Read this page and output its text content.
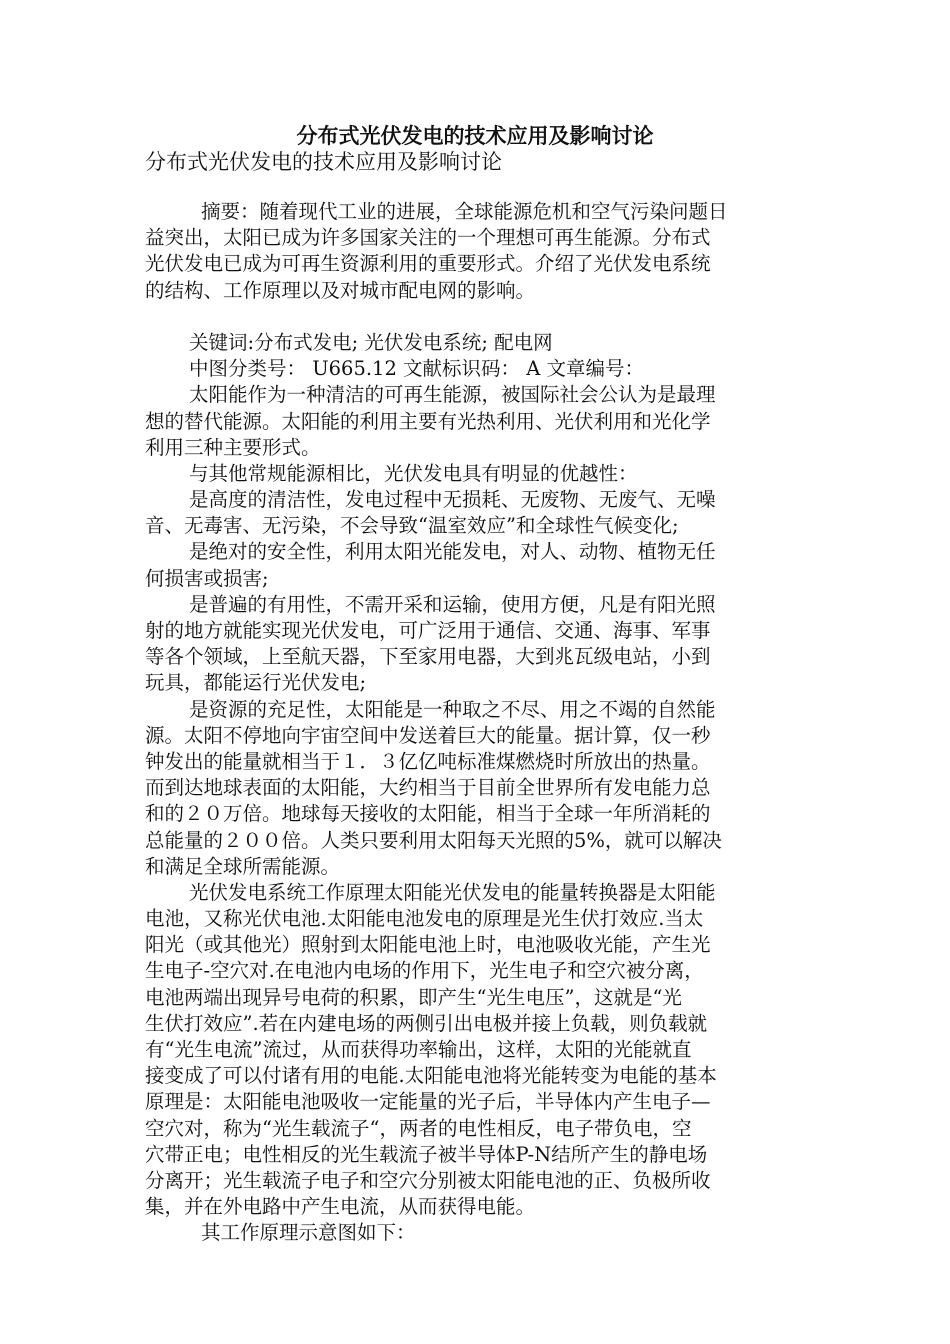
分布式光伏发电的技术应用及影响讨论
分布式光伏发电的技术应用及影响讨论
摘要：随着现代工业的进展，全球能源危机和空气污染问题日
益突出，太阳已成为许多国家关注的一个理想可再生能源。分布式
光伏发电已成为可再生资源利用的重要形式。介绍了光伏发电系统
的结构、工作原理以及对城市配电网的影响。
关键词:分布式发电; 光伏发电系统; 配电网
中图分类号： U665.12 文献标识码： A 文章编号：
太阳能作为一种清洁的可再生能源，被国际社会公认为是最理
想的替代能源。太阳能的利用主要有光热利用、光伏利用和光化学
利用三种主要形式。
与其他常规能源相比，光伏发电具有明显的优越性：
是高度的清洁性，发电过程中无损耗、无废物、无废气、无噪
音、无毒害、无污染，不会导致“温室效应”和全球性气候变化;
是绝对的安全性，利用太阳光能发电，对人、动物、植物无任
何损害或损害;
是普遍的有用性，不需开采和运输，使用方便，凡是有阳光照
射的地方就能实现光伏发电，可广泛用于通信、交通、海事、军事
等各个领域，上至航天器，下至家用电器，大到兆瓦级电站，小到
玩具，都能运行光伏发电;
是资源的充足性，太阳能是一种取之不尽、用之不竭的自然能
源。太阳不停地向宇宙空间中发送着巨大的能量。据计算，仅一秒
钟发出的能量就相当于１．３亿亿吨标准煤燃烧时所放出的热量。
而到达地球表面的太阳能，大约相当于目前全世界所有发电能力总
和的２０万倍。地球每天接收的太阳能，相当于全球一年所消耗的
总能量的２００倍。人类只要利用太阳每天光照的5%，就可以解决
和满足全球所需能源。
光伏发电系统工作原理太阳能光伏发电的能量转换器是太阳能
电池，又称光伏电池.太阳能电池发电的原理是光生伏打效应.当太
阳光（或其他光）照射到太阳能电池上时，电池吸收光能，产生光
生电子-空穴对.在电池内电场的作用下，光生电子和空穴被分离，
电池两端出现异号电荷的积累，即产生“光生电压”，这就是“光
生伏打效应”.若在内建电场的两侧引出电极并接上负载，则负载就
有“光生电流”流过，从而获得功率输出，这样，太阳的光能就直
接变成了可以付诸有用的电能.太阳能电池将光能转变为电能的基本
原理是：太阳能电池吸收一定能量的光子后，半导体内产生电子—
空穴对，称为“光生载流子“，两者的电性相反，电子带负电，空
穴带正电；电性相反的光生载流子被半导体P-N结所产生的静电场
分离开；光生载流子电子和空穴分别被太阳能电池的正、负极所收
集，并在外电路中产生电流，从而获得电能。
其工作原理示意图如下：
